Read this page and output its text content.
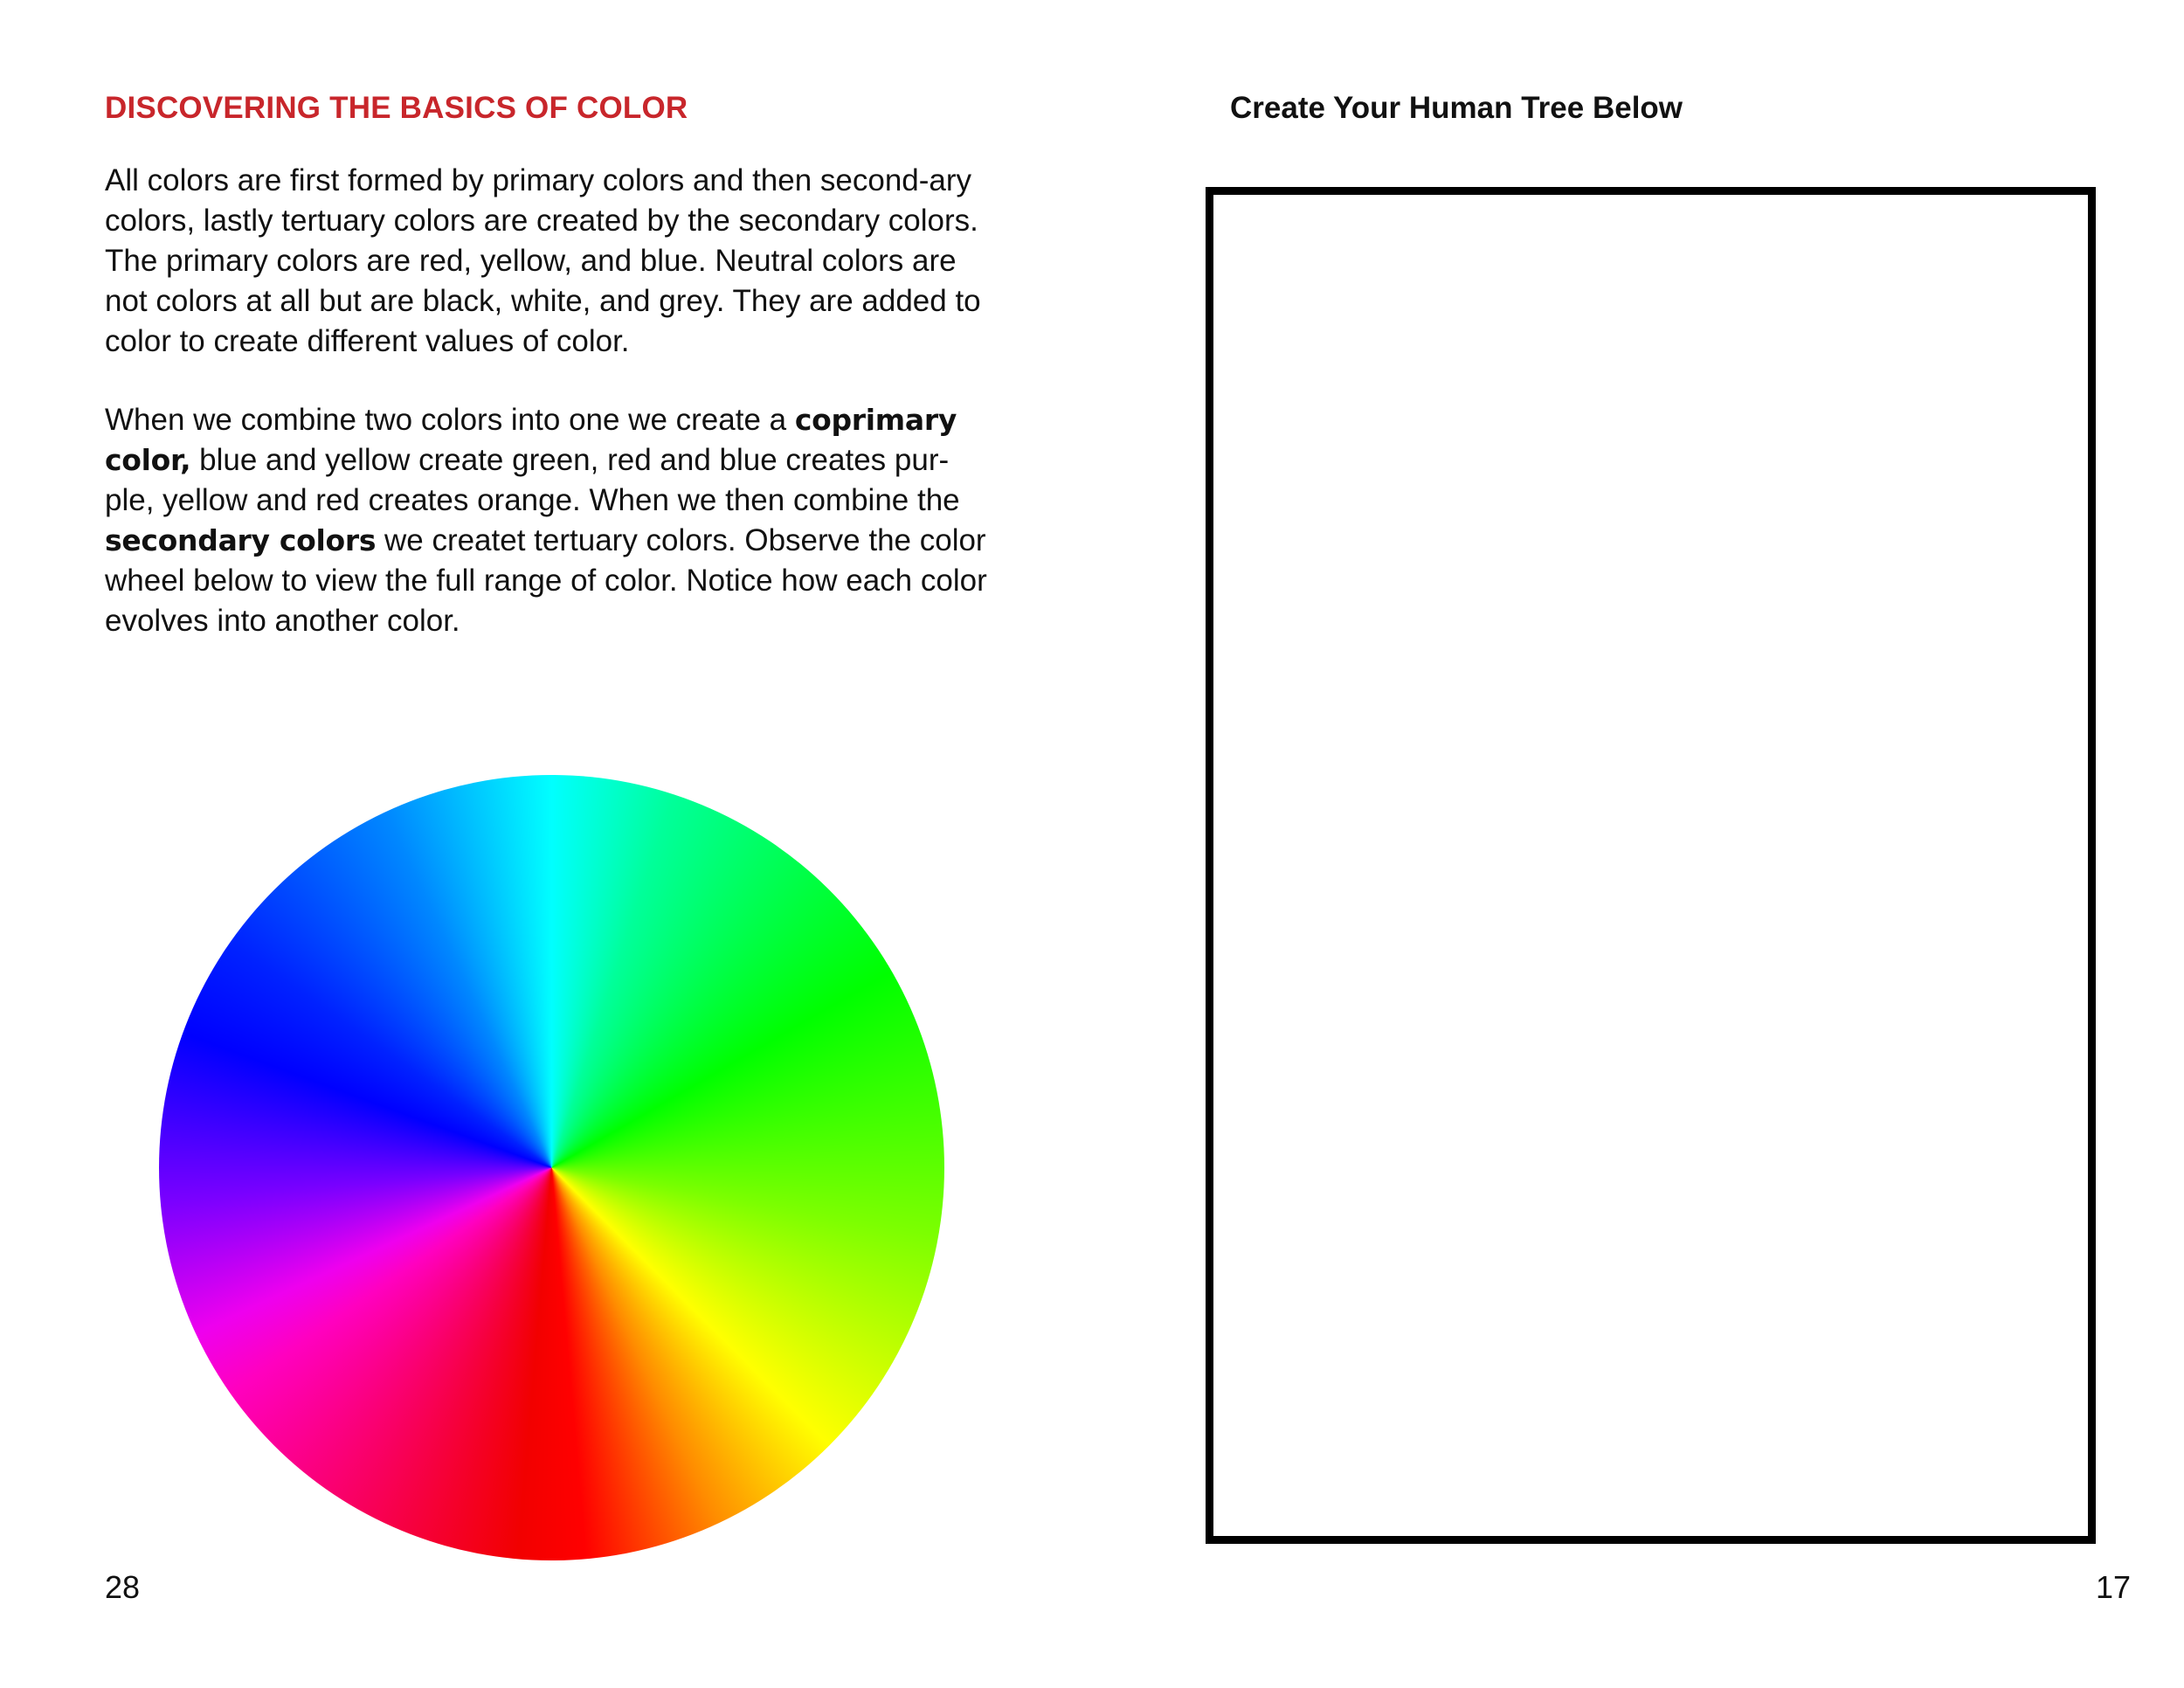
DISCOVERING THE BASICS OF COLOR

All colors are first formed by primary colors and then second-ary colors, lastly tertuary colors are created by the secondary colors. The primary colors are red, yellow, and blue. Neutral colors are not colors at all but are black, white, and grey. They are added to color to create different values of color.

When we combine two colors into one we create a coprimary color, blue and yellow create green, red and blue creates pur-ple, yellow and red creates orange. When we then combine the secondary colors we createt tertuary colors. Observe the color wheel below to view the full range of color. Notice how each color evolves into another color.

28

Create Your Human Tree Below

17
